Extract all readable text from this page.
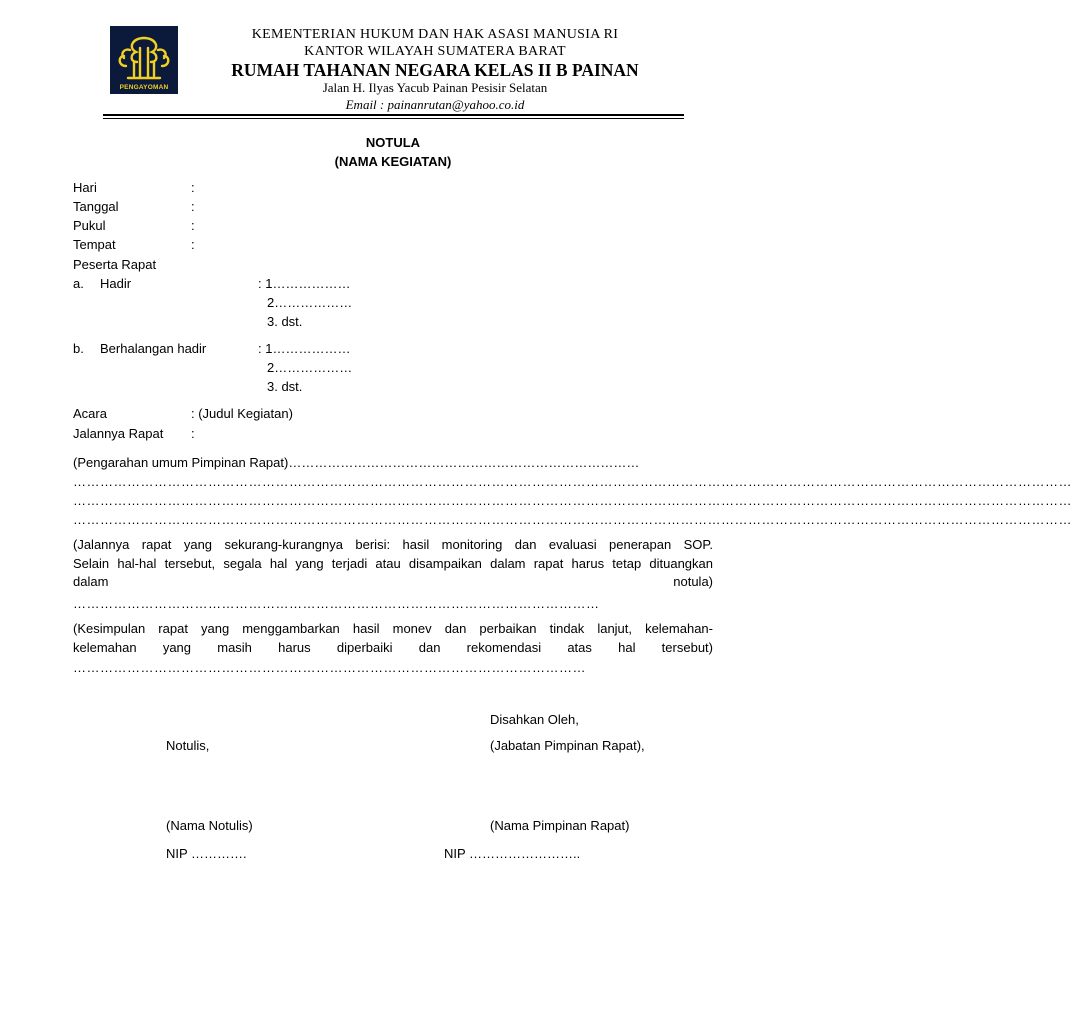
PENGAYOMAN
KEMENTERIAN HUKUM DAN HAK ASASI MANUSIA RI
KANTOR WILAYAH SUMATERA BARAT
RUMAH TAHANAN NEGARA KELAS II B PAINAN
Jalan H. Ilyas Yacub Painan Pesisir Selatan
Email : painanrutan@yahoo.co.id
NOTULA
(NAMA KEGIATAN)
Hari	:
Tanggal	:
Pukul	:
Tempat	:
Peserta Rapat
a. Hadir	: 1………………
2………………
3. dst.
b. Berhalangan hadir	: 1………………
2………………
3. dst.
Acara	: (Judul Kegiatan)
Jalannya Rapat :
(Pengarahan umum Pimpinan Rapat)………………………………………………………………………
……………………………………………………………………………………………………………………………………………………………………………………………………
……………………………………………………………………………………………………………………………………………………………………………………………………
……………………………………………………………………………………………………………………………………………………………………………………………………
(Jalannya rapat yang sekurang-kurangnya berisi: hasil monitoring dan evaluasi penerapan SOP.
Selain hal-hal tersebut, segala hal yang terjadi atau disampaikan dalam rapat harus tetap dituangkan
dalam	notula)
………………………………………………………………………………………………………
(Kesimpulan rapat yang menggambarkan hasil monev dan perbaikan tindak lanjut, kelemahan-
kelemahan yang masih harus diperbaiki dan rekomendasi atas hal tersebut)
……………………………………………………………………………………………………
Disahkan Oleh,
Notulis,	(Jabatan Pimpinan Rapat),
(Nama Notulis)	(Nama Pimpinan Rapat)
NIP ………….	NIP ……………………..
